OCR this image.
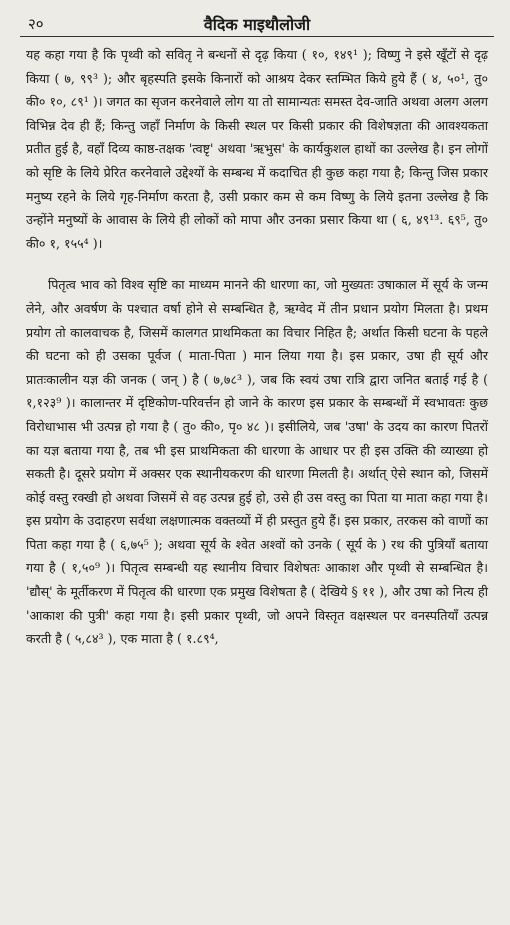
२०	वैदिक माइथौलोजी

यह कहा गया है कि पृथ्वी को सवितृ ने बन्धनों से दृढ़ किया ( १०, १४९¹ ); विष्णु ने इसे खूँटों से दृढ़ किया ( ७, ९९³ ); और बृहस्पति इसके किनारों को आश्रय देकर स्तम्भित किये हुये हैं ( ४, ५०¹, तु० की० १०, ८९¹ )। जगत का सृजन करनेवाले लोग या तो सामान्यतः समस्त देव-जाति अथवा अलग अलग विभिन्न देव ही हैं; किन्तु जहाँ निर्माण के किसी स्थल पर किसी प्रकार की विशेषज्ञता की आवश्यकता प्रतीत हुई है, वहाँ दिव्य काष्ठ-तक्षक 'त्वष्टृ' अथवा 'ऋभुस' के कार्यकुशल हाथों का उल्लेख है। इन लोगों को सृष्टि के लिये प्रेरित करनेवाले उद्देश्यों के सम्बन्ध में कदाचित ही कुछ कहा गया है; किन्तु जिस प्रकार मनुष्य रहने के लिये गृह-निर्माण करता है, उसी प्रकार कम से कम विष्णु के लिये इतना उल्लेख है कि उन्होंने मनुष्यों के आवास के लिये ही लोकों को मापा और उनका प्रसार किया था ( ६, ४९¹³. ६९⁵, तु० की० १, १५५⁴ )।

पितृत्व भाव को विश्व सृष्टि का माध्यम मानने की धारणा का, जो मुख्यतः उषाकाल में सूर्य के जन्म लेने, और अवर्षण के पश्चात वर्षा होने से सम्बन्धित है, ऋग्वेद में तीन प्रधान प्रयोग मिलता है। प्रथम प्रयोग तो कालवाचक है, जिसमें कालगत प्राथमिकता का विचार निहित है; अर्थात किसी घटना के पहले की घटना को ही उसका पूर्वज ( माता-पिता ) मान लिया गया है। इस प्रकार, उषा ही सूर्य और प्रातःकालीन यज्ञ की जनक ( जन् ) है ( ७,७८³ ), जब कि स्वयं उषा रात्रि द्वारा जनित बताई गई है ( १,१२३⁹ )। कालान्तर में दृष्टिकोण-परिवर्त्तन हो जाने के कारण इस प्रकार के सम्बन्धों में स्वभावतः कुछ विरोधाभास भी उत्पन्न हो गया है ( तु० की०, पृ० ४८ )। इसीलिये, जब 'उषा' के उदय का कारण पितरों का यज्ञ बताया गया है, तब भी इस प्राथमिकता की धारणा के आधार पर ही इस उक्ति की व्याख्या हो सकती है। दूसरे प्रयोग में अक्सर एक स्थानीयकरण की धारणा मिलती है। अर्थात् ऐसे स्थान को, जिसमें कोई वस्तु रक्खी हो अथवा जिसमें से वह उत्पन्न हुई हो, उसे ही उस वस्तु का पिता या माता कहा गया है। इस प्रयोग के उदाहरण सर्वथा लक्षणात्मक वक्तव्यों में ही प्रस्तुत हुये हैं। इस प्रकार, तरकस को वाणों का पिता कहा गया है ( ६,७५⁵ ); अथवा सूर्य के श्वेत अश्वों को उनके ( सूर्य के ) रथ की पुत्रियाँ बताया गया है ( १,५०⁹ )। पितृत्व सम्बन्धी यह स्थानीय विचार विशेषतः आकाश और पृथ्वी से सम्बन्धित है। 'द्यौस्' के मूर्तीकरण में पितृत्व की धारणा एक प्रमुख विशेषता है ( देखिये § ११ ), और उषा को नित्य ही 'आकाश की पुत्री' कहा गया है। इसी प्रकार पृथ्वी, जो अपने विस्तृत वक्षस्थल पर वनस्पतियाँ उत्पन्न करती है ( ५,८४³ ), एक माता है ( १.८९⁴,
